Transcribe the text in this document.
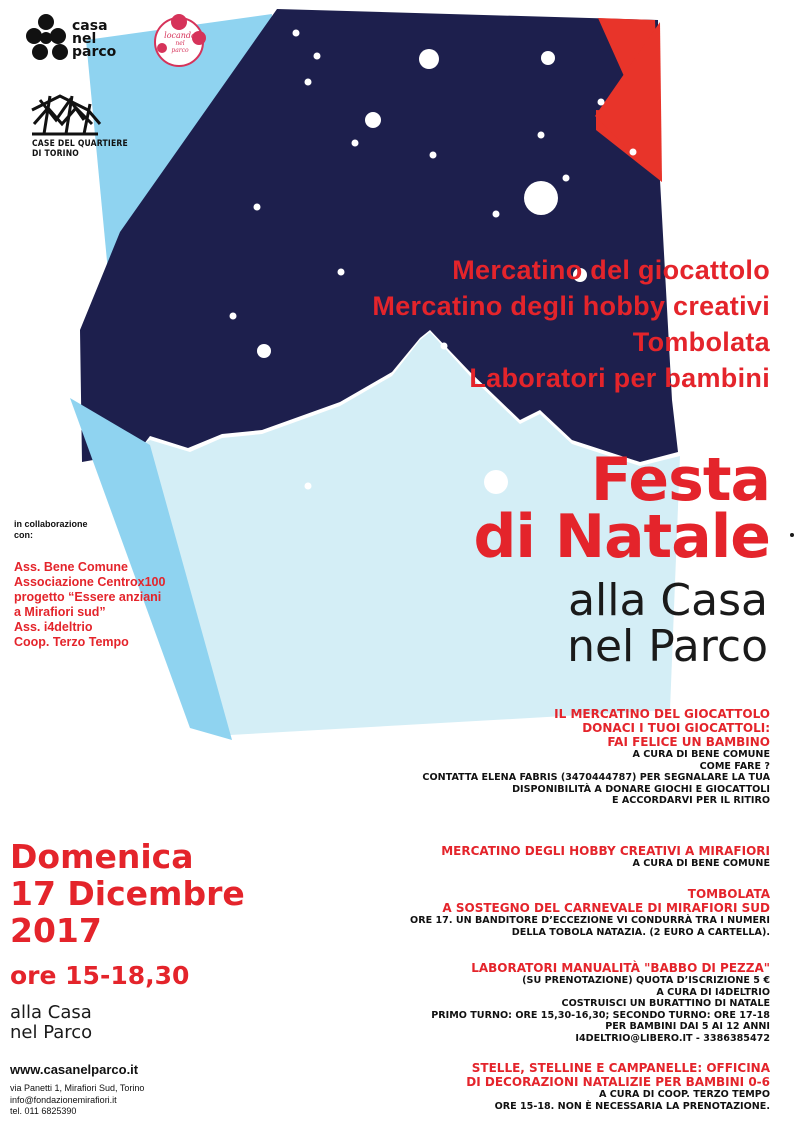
casa
nel
parco
locanda
nel
parco
CASE DEL QUARTIERE
DI TORINO
Mercatino del giocattolo
Mercatino degli hobby creativi
Tombolata
Laboratori per bambini
Festa
di Natale
alla Casa
nel Parco
in collaborazione
con:
Ass. Bene Comune
Associazione Centrox100
progetto “Essere anziani
a Mirafiori sud”
Ass. i4deltrio
Coop. Terzo Tempo
Domenica
17 Dicembre
2017
ore 15-18,30
alla Casa
nel Parco
www.casanelparco.it
via Panetti 1, Mirafiori Sud, Torino
info@fondazionemirafiori.it
tel. 011 6825390
IL MERCATINO DEL GIOCATTOLO
DONACI I TUOI GIOCATTOLI:
FAI FELICE UN BAMBINO
A CURA DI BENE COMUNE
COME FARE ?
CONTATTA ELENA FABRIS (3470444787) PER SEGNALARE LA TUA
DISPONIBILITÀ A DONARE GIOCHI E GIOCATTOLI
E ACCORDARVI PER IL RITIRO
MERCATINO DEGLI HOBBY CREATIVI A MIRAFIORI
A CURA DI BENE COMUNE
TOMBOLATA
A SOSTEGNO DEL CARNEVALE DI MIRAFIORI SUD
ORE 17. UN BANDITORE D’ECCEZIONE VI CONDURRÀ TRA I NUMERI
DELLA TOBOLA NATAZIA. (2 EURO A CARTELLA).
LABORATORI MANUALITÀ "BABBO DI PEZZA"
(SU PRENOTAZIONE) QUOTA D’ISCRIZIONE 5 €
A CURA DI I4DELTRIO
COSTRUISCI UN BURATTINO DI NATALE
PRIMO TURNO: ORE 15,30-16,30; SECONDO TURNO: ORE 17-18
PER BAMBINI DAI 5 AI 12 ANNI
I4DELTRIO@LIBERO.IT - 3386385472
STELLE, STELLINE E CAMPANELLE: OFFICINA
DI DECORAZIONI NATALIZIE PER BAMBINI 0-6
A CURA DI COOP. TERZO TEMPO
ORE 15-18. NON È NECESSARIA LA PRENOTAZIONE.
